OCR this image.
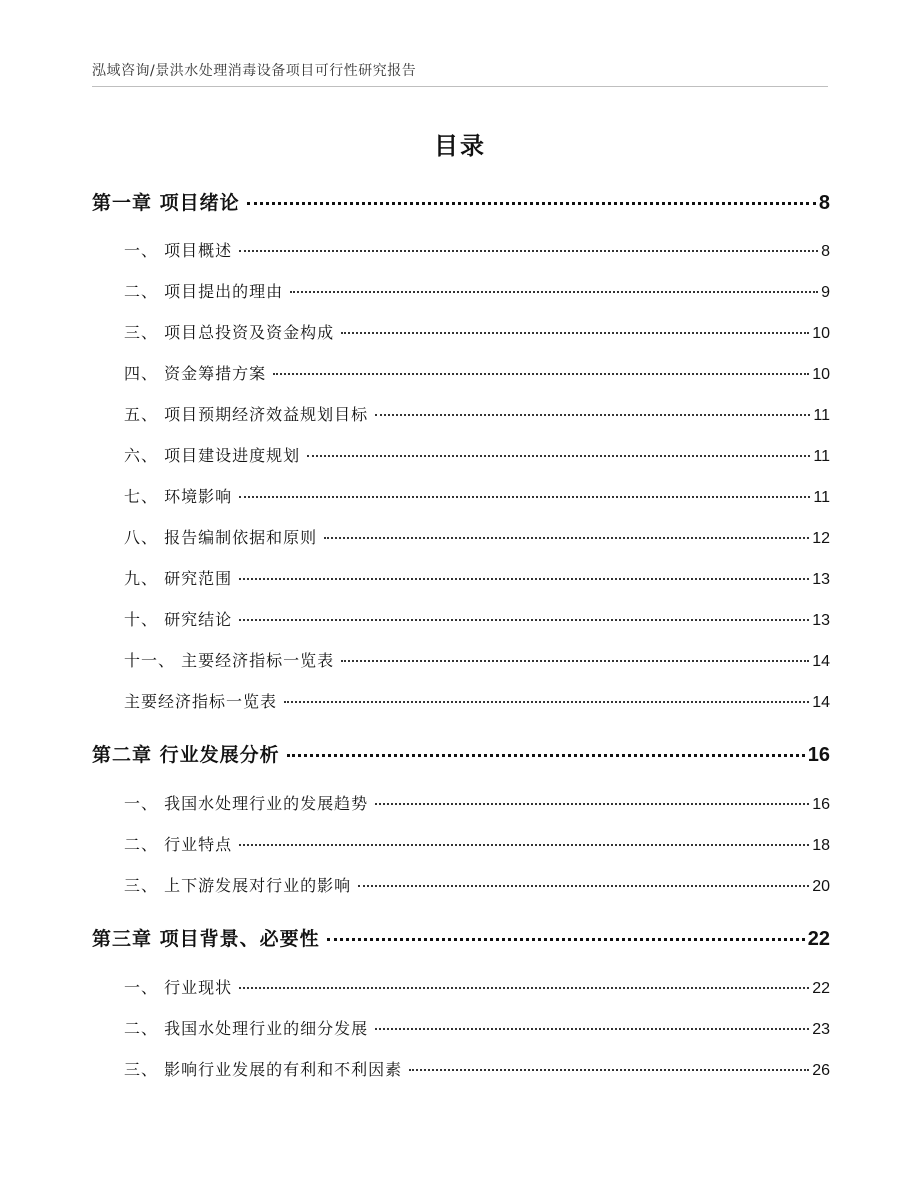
泓域咨询/景洪水处理消毒设备项目可行性研究报告
目录
第一章 项目绪论	8
一、 项目概述	8
二、 项目提出的理由	9
三、 项目总投资及资金构成	10
四、 资金筹措方案	10
五、 项目预期经济效益规划目标	11
六、 项目建设进度规划	11
七、 环境影响	11
八、 报告编制依据和原则	12
九、 研究范围	13
十、 研究结论	13
十一、 主要经济指标一览表	14
主要经济指标一览表	14
第二章 行业发展分析	16
一、 我国水处理行业的发展趋势	16
二、 行业特点	18
三、 上下游发展对行业的影响	20
第三章 项目背景、必要性	22
一、 行业现状	22
二、 我国水处理行业的细分发展	23
三、 影响行业发展的有利和不利因素	26
